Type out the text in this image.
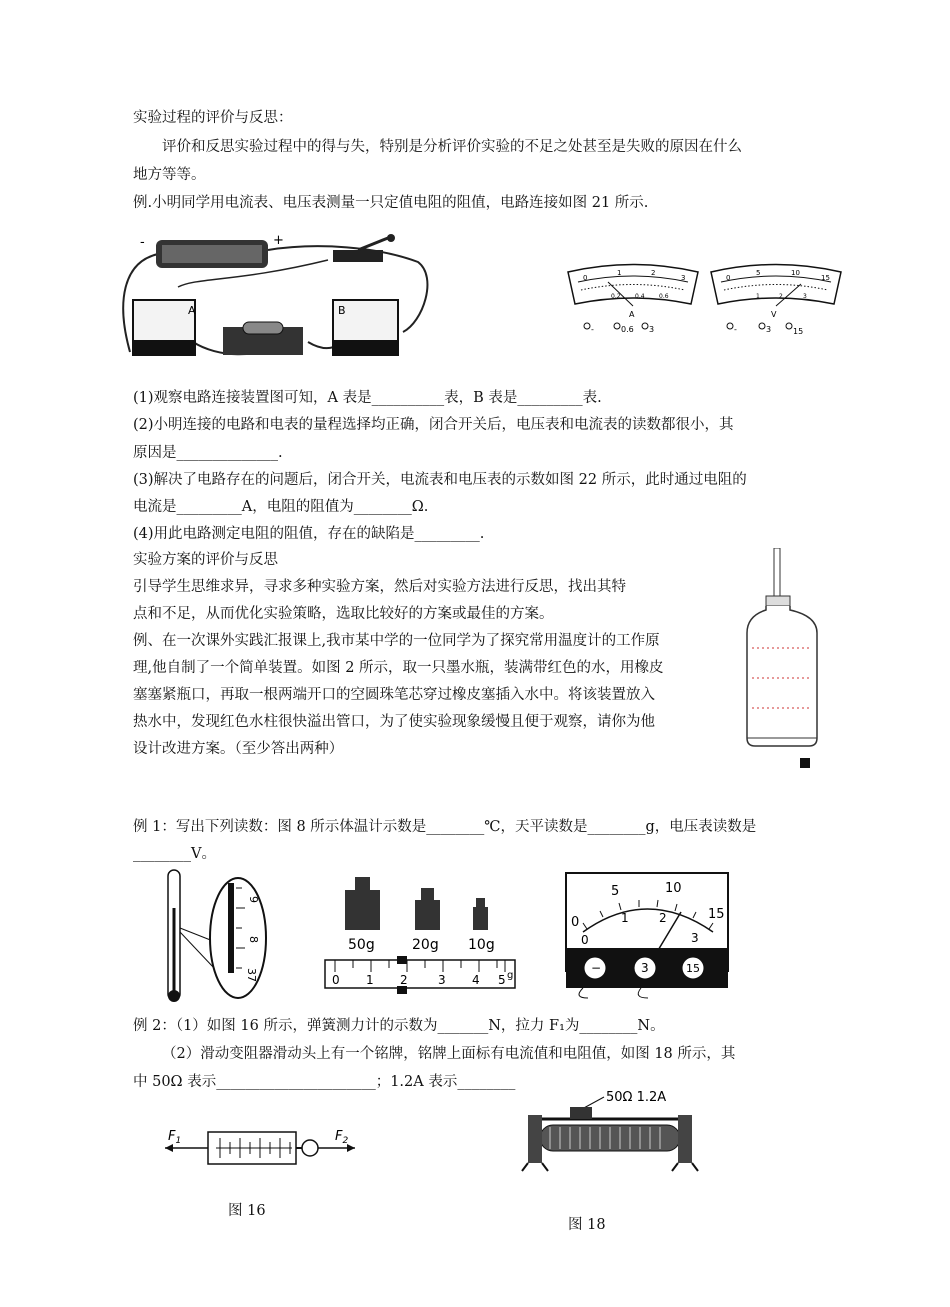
实验过程的评价与反思：
评价和反思实验过程中的得与失，特别是分析评价实验的不足之处甚至是失败的原因在什么
地方等等。
例.小明同学用电流表、电压表测量一只定值电阻的阻值，电路连接如图 21 所示.
-	+
A	B
0
1	2
3
0.2 0.4 0.6
A
-	0.6 3
0
5	10
15
1	2	3
V
-	3	15
(1)观察电路连接装置图可知，A 表是__________表，B 表是_________表.
(2)小明连接的电路和电表的量程选择均正确，闭合开关后，电压表和电流表的读数都很小，其
原因是______________.
(3)解决了电路存在的问题后，闭合开关，电流表和电压表的示数如图 22 所示，此时通过电阻的
电流是_________A，电阻的阻值为________Ω.
(4)用此电路测定电阻的阻值，存在的缺陷是_________.
实验方案的评价与反思
引导学生思维求异，寻求多种实验方案，然后对实验方法进行反思，找出其特
点和不足，从而优化实验策略，选取比较好的方案或最佳的方案。
例、在一次课外实践汇报课上,我市某中学的一位同学为了探究常用温度计的工作原
理,他自制了一个简单装置。如图 2 所示，取一只墨水瓶，装满带红色的水，用橡皮
塞塞紧瓶口，再取一根两端开口的空圆珠笔芯穿过橡皮塞插入水中。将该装置放入
热水中，发现红色水柱很快溢出管口，为了使实验现象缓慢且便于观察，请你为他
设计改进方案。（至少答出两种）
例 1：写出下列读数：图 8 所示体温计示数是________℃，天平读数是________g，电压表读数是
________V。
9
8
37
50g	20g 10g
0 1 2	3 4 5 g
0
5	10
15
0
1	2
3
−	3	15
例 2：（1）如图 16 所示，弹簧测力计的示数为_______N，拉力 F₁为________N。
（2）滑动变阻器滑动头上有一个铭牌，铭牌上面标有电流值和电阻值，如图 18 所示，其
中 50Ω 表示______________________；1.2A 表示________
$F_1$	$F_2$
50Ω 1.2A
图 16
图 18
